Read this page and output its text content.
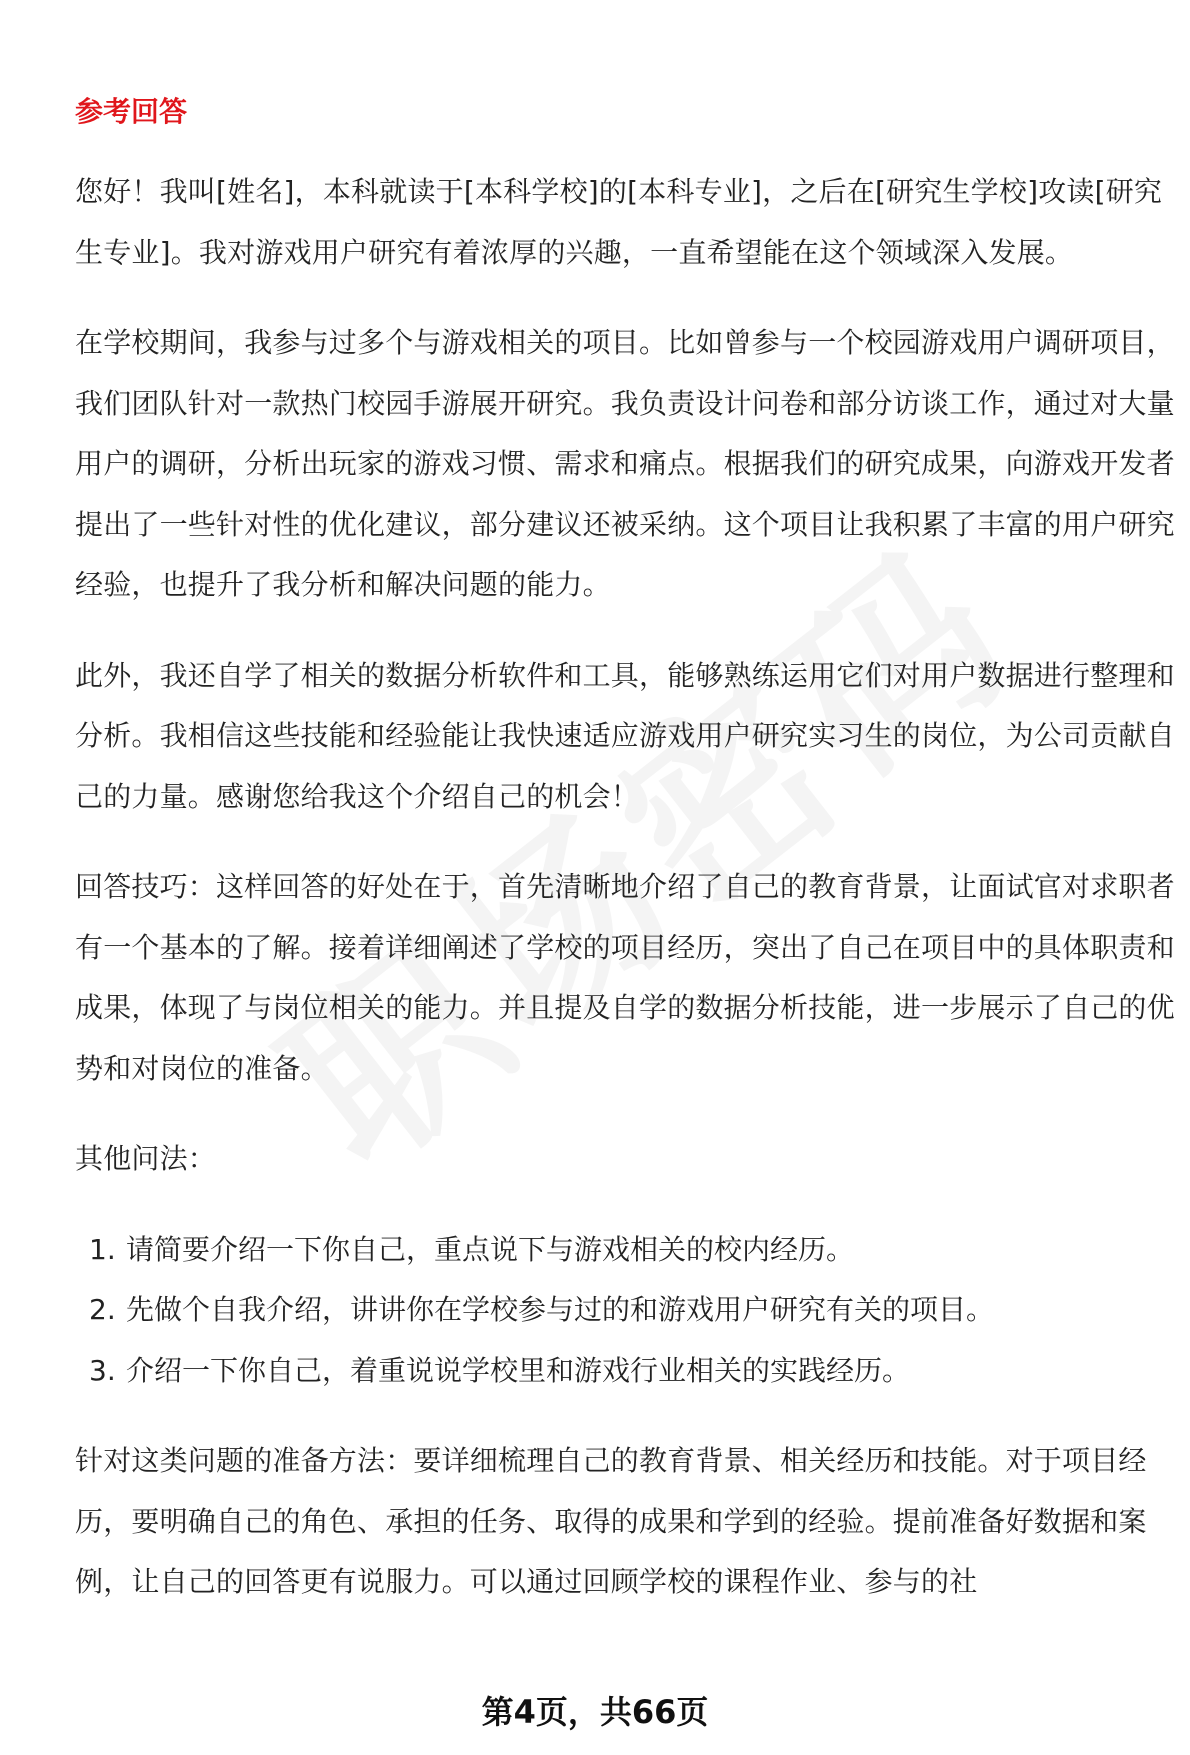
参考回答

您好！我叫[姓名]，本科就读于[本科学校]的[本科专业]，之后在[研究生学校]攻读[研究生专业]。我对游戏用户研究有着浓厚的兴趣，一直希望能在这个领域深入发展。

在学校期间，我参与过多个与游戏相关的项目。比如曾参与一个校园游戏用户调研项目，我们团队针对一款热门校园手游展开研究。我负责设计问卷和部分访谈工作，通过对大量用户的调研，分析出玩家的游戏习惯、需求和痛点。根据我们的研究成果，向游戏开发者提出了一些针对性的优化建议，部分建议还被采纳。这个项目让我积累了丰富的用户研究经验，也提升了我分析和解决问题的能力。

此外，我还自学了相关的数据分析软件和工具，能够熟练运用它们对用户数据进行整理和分析。我相信这些技能和经验能让我快速适应游戏用户研究实习生的岗位，为公司贡献自己的力量。感谢您给我这个介绍自己的机会！

回答技巧：这样回答的好处在于，首先清晰地介绍了自己的教育背景，让面试官对求职者有一个基本的了解。接着详细阐述了学校的项目经历，突出了自己在项目中的具体职责和成果，体现了与岗位相关的能力。并且提及自学的数据分析技能，进一步展示了自己的优势和对岗位的准备。

其他问法：

1. 请简要介绍一下你自己，重点说下与游戏相关的校内经历。
2. 先做个自我介绍，讲讲你在学校参与过的和游戏用户研究有关的项目。
3. 介绍一下你自己，着重说说学校里和游戏行业相关的实践经历。

针对这类问题的准备方法：要详细梳理自己的教育背景、相关经历和技能。对于项目经历，要明确自己的角色、承担的任务、取得的成果和学到的经验。提前准备好数据和案例，让自己的回答更有说服力。可以通过回顾学校的课程作业、参与的社

第4页，共66页
